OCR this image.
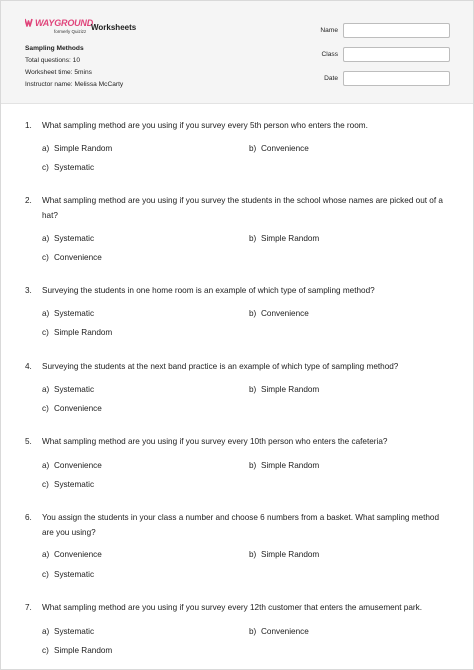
WAYGROUND
formerly Quizizz Worksheets
Sampling Methods
Total questions: 10
Worksheet time: 5mins
Instructor name: Melissa McCarty
Name
Class
Date
1. What sampling method are you using if you survey every 5th person who enters the room.
a) Simple Random	b) Convenience
c) Systematic
2. What sampling method are you using if you survey the students in the school whose names are picked out of a hat?
a) Systematic	b) Simple Random
c) Convenience
3. Surveying the students in one home room is an example of which type of sampling method?
a) Systematic	b) Convenience
c) Simple Random
4. Surveying the students at the next band practice is an example of which type of sampling method?
a) Systematic	b) Simple Random
c) Convenience
5. What sampling method are you using if you survey every 10th person who enters the cafeteria?
a) Convenience	b) Simple Random
c) Systematic
6. You assign the students in your class a number and choose 6 numbers from a basket. What sampling method are you using?
a) Convenience	b) Simple Random
c) Systematic
7. What sampling method are you using if you survey every 12th customer that enters the amusement park.
a) Systematic	b) Convenience
c) Simple Random
